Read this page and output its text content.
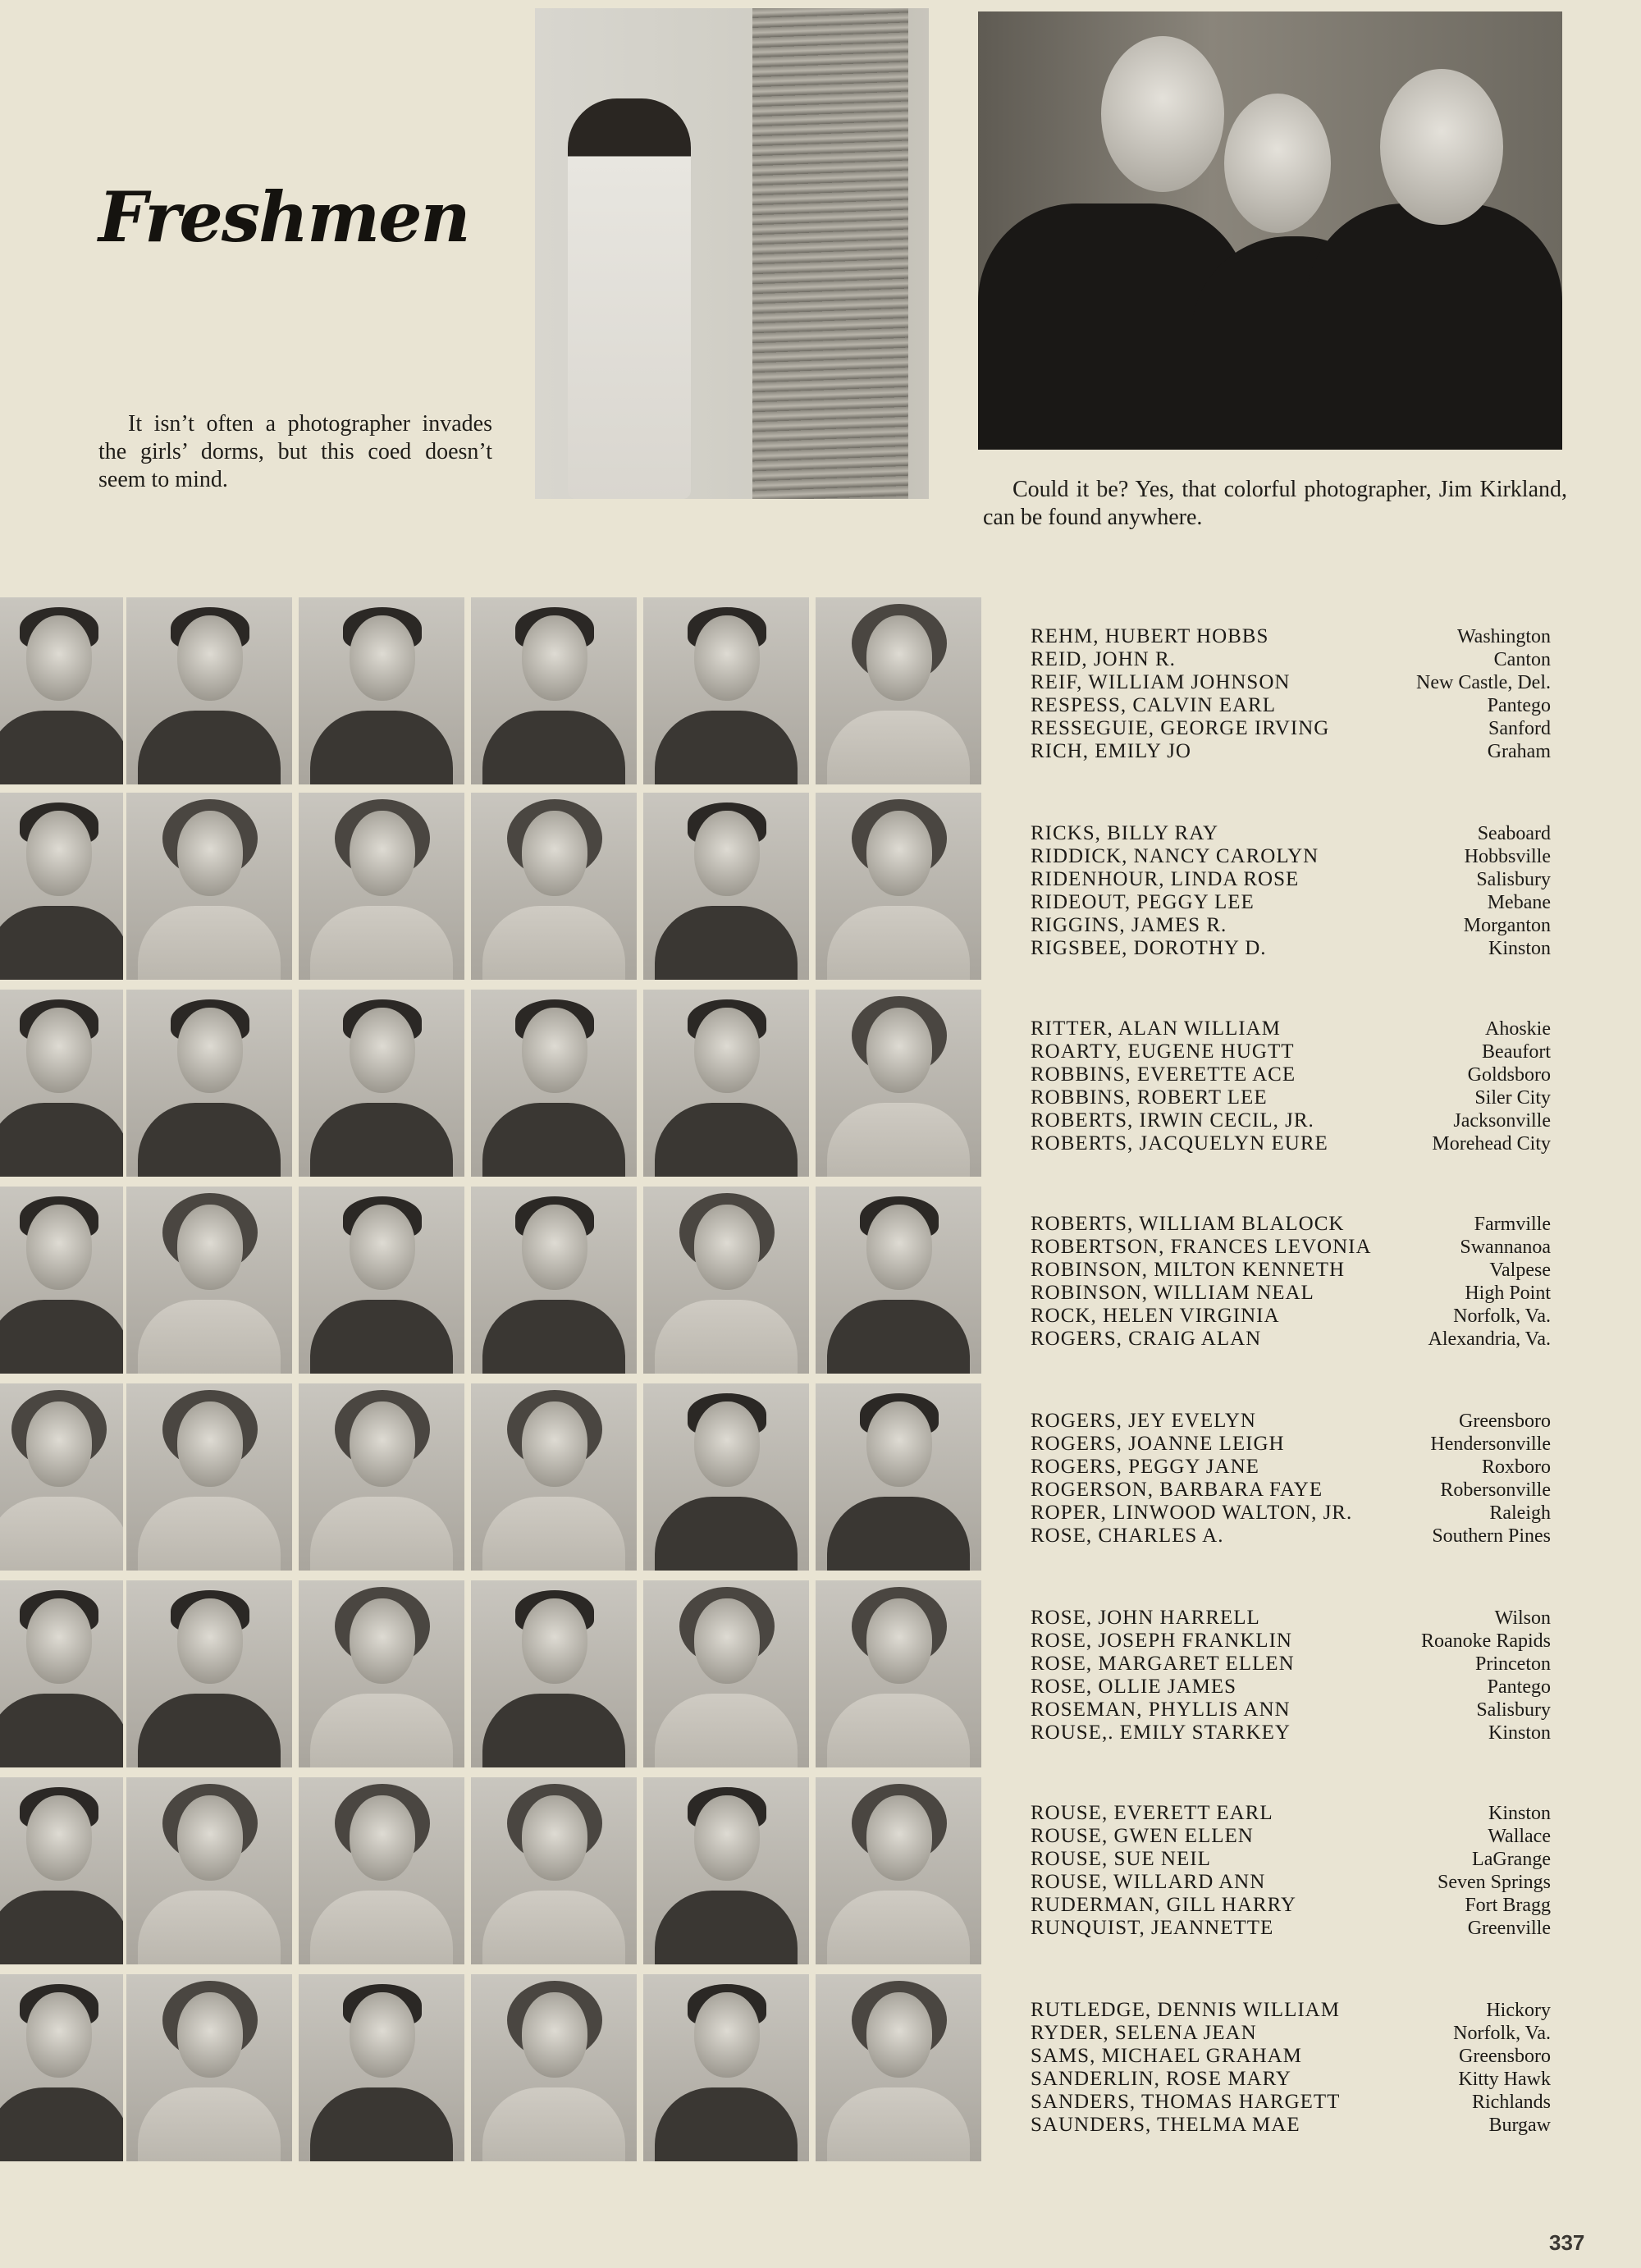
Freshmen
It isn’t often a photographer invades the girls’ dorms, but this coed doesn’t seem to mind.	Could it be? Yes, that colorful photographer, Jim Kirkland, can be found anywhere.
REHM, HUBERT HOBBS	Washington
REID, JOHN R.	Canton
REIF, WILLIAM JOHNSON	New Castle, Del.
RESPESS, CALVIN EARL	Pantego
RESSEGUIE, GEORGE IRVING	Sanford
RICH, EMILY JO	Graham
RICKS, BILLY RAY	Seaboard
RIDDICK, NANCY CAROLYN	Hobbsville
RIDENHOUR, LINDA ROSE	Salisbury
RIDEOUT, PEGGY LEE	Mebane
RIGGINS, JAMES R.	Morganton
RIGSBEE, DOROTHY D.	Kinston
RITTER, ALAN WILLIAM	Ahoskie
ROARTY, EUGENE HUGTT	Beaufort
ROBBINS, EVERETTE ACE	Goldsboro
ROBBINS, ROBERT LEE	Siler City
ROBERTS, IRWIN CECIL, JR.	Jacksonville
ROBERTS, JACQUELYN EURE	Morehead City
ROBERTS, WILLIAM BLALOCK	Farmville
ROBERTSON, FRANCES LEVONIA	Swannanoa
ROBINSON, MILTON KENNETH	Valpese
ROBINSON, WILLIAM NEAL	High Point
ROCK, HELEN VIRGINIA	Norfolk, Va.
ROGERS, CRAIG ALAN	Alexandria, Va.
ROGERS, JEY EVELYN	Greensboro
ROGERS, JOANNE LEIGH	Hendersonville
ROGERS, PEGGY JANE	Roxboro
ROGERSON, BARBARA FAYE	Robersonville
ROPER, LINWOOD WALTON, JR.	Raleigh
ROSE, CHARLES A.	Southern Pines
ROSE, JOHN HARRELL	Wilson
ROSE, JOSEPH FRANKLIN	Roanoke Rapids
ROSE, MARGARET ELLEN	Princeton
ROSE, OLLIE JAMES	Pantego
ROSEMAN, PHYLLIS ANN	Salisbury
ROUSE,. EMILY STARKEY	Kinston
ROUSE, EVERETT EARL	Kinston
ROUSE, GWEN ELLEN	Wallace
ROUSE, SUE NEIL	LaGrange
ROUSE, WILLARD ANN	Seven Springs
RUDERMAN, GILL HARRY	Fort Bragg
RUNQUIST, JEANNETTE	Greenville
RUTLEDGE, DENNIS WILLIAM	Hickory
RYDER, SELENA JEAN	Norfolk, Va.
SAMS, MICHAEL GRAHAM	Greensboro
SANDERLIN, ROSE MARY	Kitty Hawk
SANDERS, THOMAS HARGETT	Richlands
SAUNDERS, THELMA MAE	Burgaw
337
